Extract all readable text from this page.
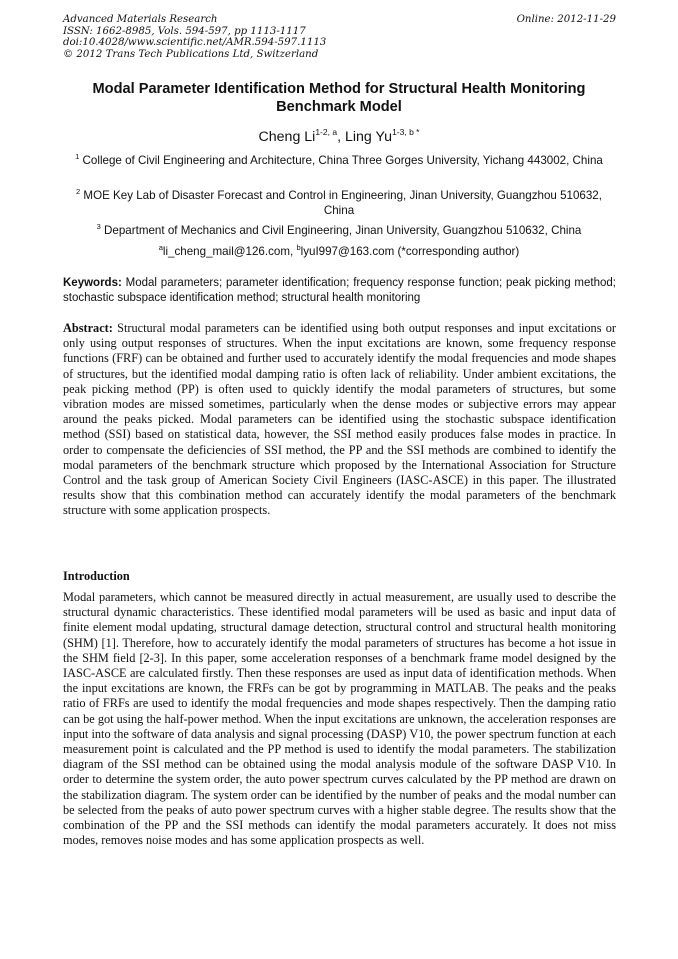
Advanced Materials Research
ISSN: 1662-8985, Vols. 594-597, pp 1113-1117
doi:10.4028/www.scientific.net/AMR.594-597.1113
© 2012 Trans Tech Publications Ltd, Switzerland
Online: 2012-11-29
Modal Parameter Identification Method for Structural Health Monitoring Benchmark Model
Cheng Li$^{1-2, a}$, Ling $Yu^{1-3, b *}$
$^1$ College of Civil Engineering and Architecture, China Three Gorges University, Yichang 443002, China
$^2$ MOE Key Lab of Disaster Forecast and Control in Engineering, Jinan University, Guangzhou 510632, China
$^3$ Department of Mechanics and Civil Engineering, Jinan University, Guangzhou 510632, China
$^a$li_cheng_mail@126.com, $^b$lyuI997@163.com (*corresponding author)
Keywords: Modal parameters; parameter identification; frequency response function; peak picking method; stochastic subspace identification method; structural health monitoring
Abstract: Structural modal parameters can be identified using both output responses and input excitations or only using output responses of structures. When the input excitations are known, some frequency response functions (FRF) can be obtained and further used to accurately identify the modal frequencies and mode shapes of structures, but the identified modal damping ratio is often lack of reliability. Under ambient excitations, the peak picking method (PP) is often used to quickly identify the modal parameters of structures, but some vibration modes are missed sometimes, particularly when the dense modes or subjective errors may appear around the peaks picked. Modal parameters can be identified using the stochastic subspace identification method (SSI) based on statistical data, however, the SSI method easily produces false modes in practice. In order to compensate the deficiencies of SSI method, the PP and the SSI methods are combined to identify the modal parameters of the benchmark structure which proposed by the International Association for Structure Control and the task group of American Society Civil Engineers (IASC-ASCE) in this paper. The illustrated results show that this combination method can accurately identify the modal parameters of the benchmark structure with some application prospects.
Introduction
Modal parameters, which cannot be measured directly in actual measurement, are usually used to describe the structural dynamic characteristics. These identified modal parameters will be used as basic and input data of finite element modal updating, structural damage detection, structural control and structural health monitoring (SHM) [1]. Therefore, how to accurately identify the modal parameters of structures has become a hot issue in the SHM field [2-3]. In this paper, some acceleration responses of a benchmark frame model designed by the IASC-ASCE are calculated firstly. Then these responses are used as input data of identification methods. When the input excitations are known, the FRFs can be got by programming in MATLAB. The peaks and the peaks ratio of FRFs are used to identify the modal frequencies and mode shapes respectively. Then the damping ratio can be got using the half-power method. When the input excitations are unknown, the acceleration responses are input into the software of data analysis and signal processing (DASP) V10, the power spectrum function at each measurement point is calculated and the PP method is used to identify the modal parameters. The stabilization diagram of the SSI method can be obtained using the modal analysis module of the software DASP V10. In order to determine the system order, the auto power spectrum curves calculated by the PP method are drawn on the stabilization diagram. The system order can be identified by the number of peaks and the modal number can be selected from the peaks of auto power spectrum curves with a higher stable degree. The results show that the combination of the PP and the SSI methods can identify the modal parameters accurately. It does not miss modes, removes noise modes and has some application prospects as well.
